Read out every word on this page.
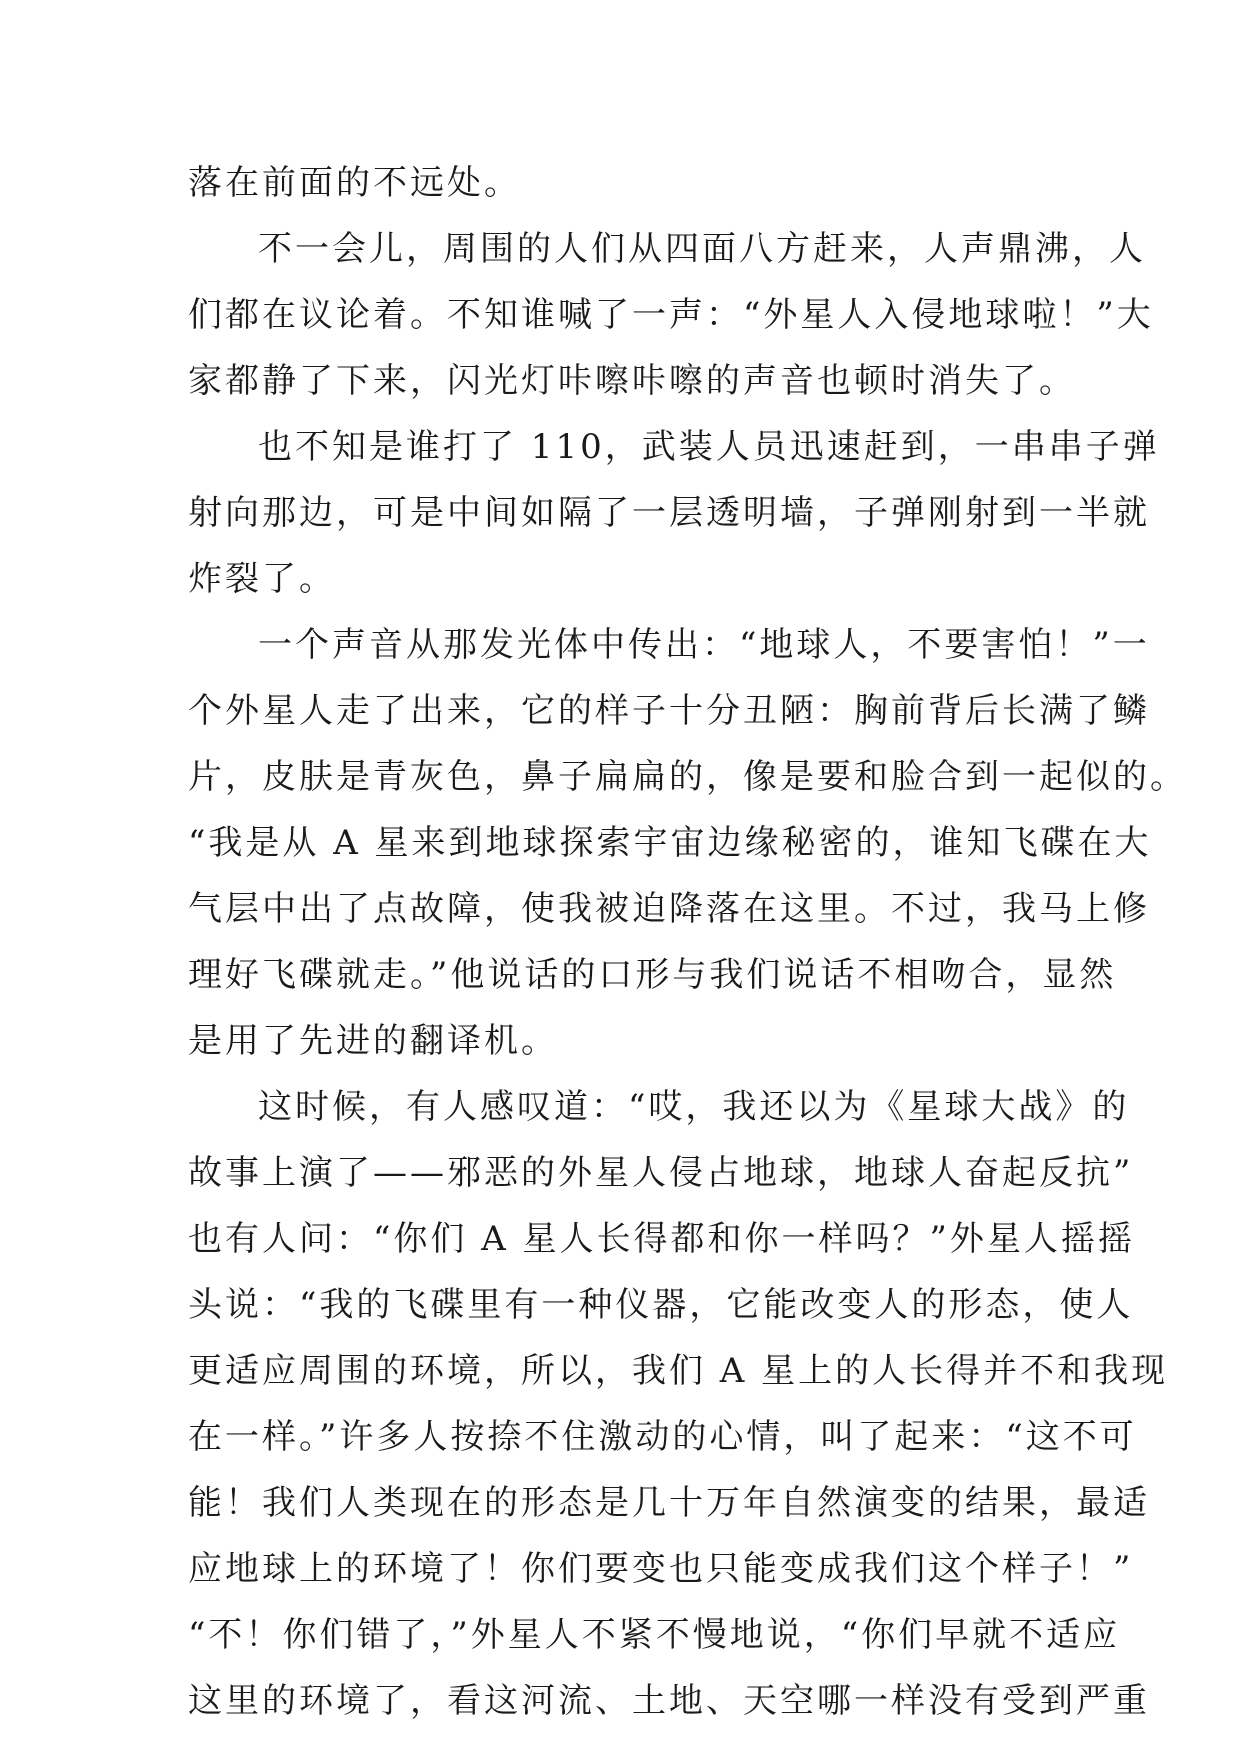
落在前面的不远处。
不一会儿，周围的人们从四面八方赶来，人声鼎沸，人
们都在议论着。不知谁喊了一声：“外星人入侵地球啦！”大
家都静了下来，闪光灯咔嚓咔嚓的声音也顿时消失了。
也不知是谁打了 110，武装人员迅速赶到，一串串子弹
射向那边，可是中间如隔了一层透明墙，子弹刚射到一半就
炸裂了。
一个声音从那发光体中传出：“地球人，不要害怕！”一
个外星人走了出来，它的样子十分丑陋：胸前背后长满了鳞
片，皮肤是青灰色，鼻子扁扁的，像是要和脸合到一起似的。
“我是从 A 星来到地球探索宇宙边缘秘密的，谁知飞碟在大
气层中出了点故障，使我被迫降落在这里。不过，我马上修
理好飞碟就走。”他说话的口形与我们说话不相吻合，显然
是用了先进的翻译机。
这时候，有人感叹道：“哎，我还以为《星球大战》的
故事上演了——邪恶的外星人侵占地球，地球人奋起反抗”
也有人问：“你们 A 星人长得都和你一样吗？”外星人摇摇
头说：“我的飞碟里有一种仪器，它能改变人的形态，使人
更适应周围的环境，所以，我们 A 星上的人长得并不和我现
在一样。”许多人按捺不住激动的心情，叫了起来：“这不可
能！我们人类现在的形态是几十万年自然演变的结果，最适
应地球上的环境了！你们要变也只能变成我们这个样子！”
“不！你们错了，”外星人不紧不慢地说，“你们早就不适应
这里的环境了，看这河流、土地、天空哪一样没有受到严重
